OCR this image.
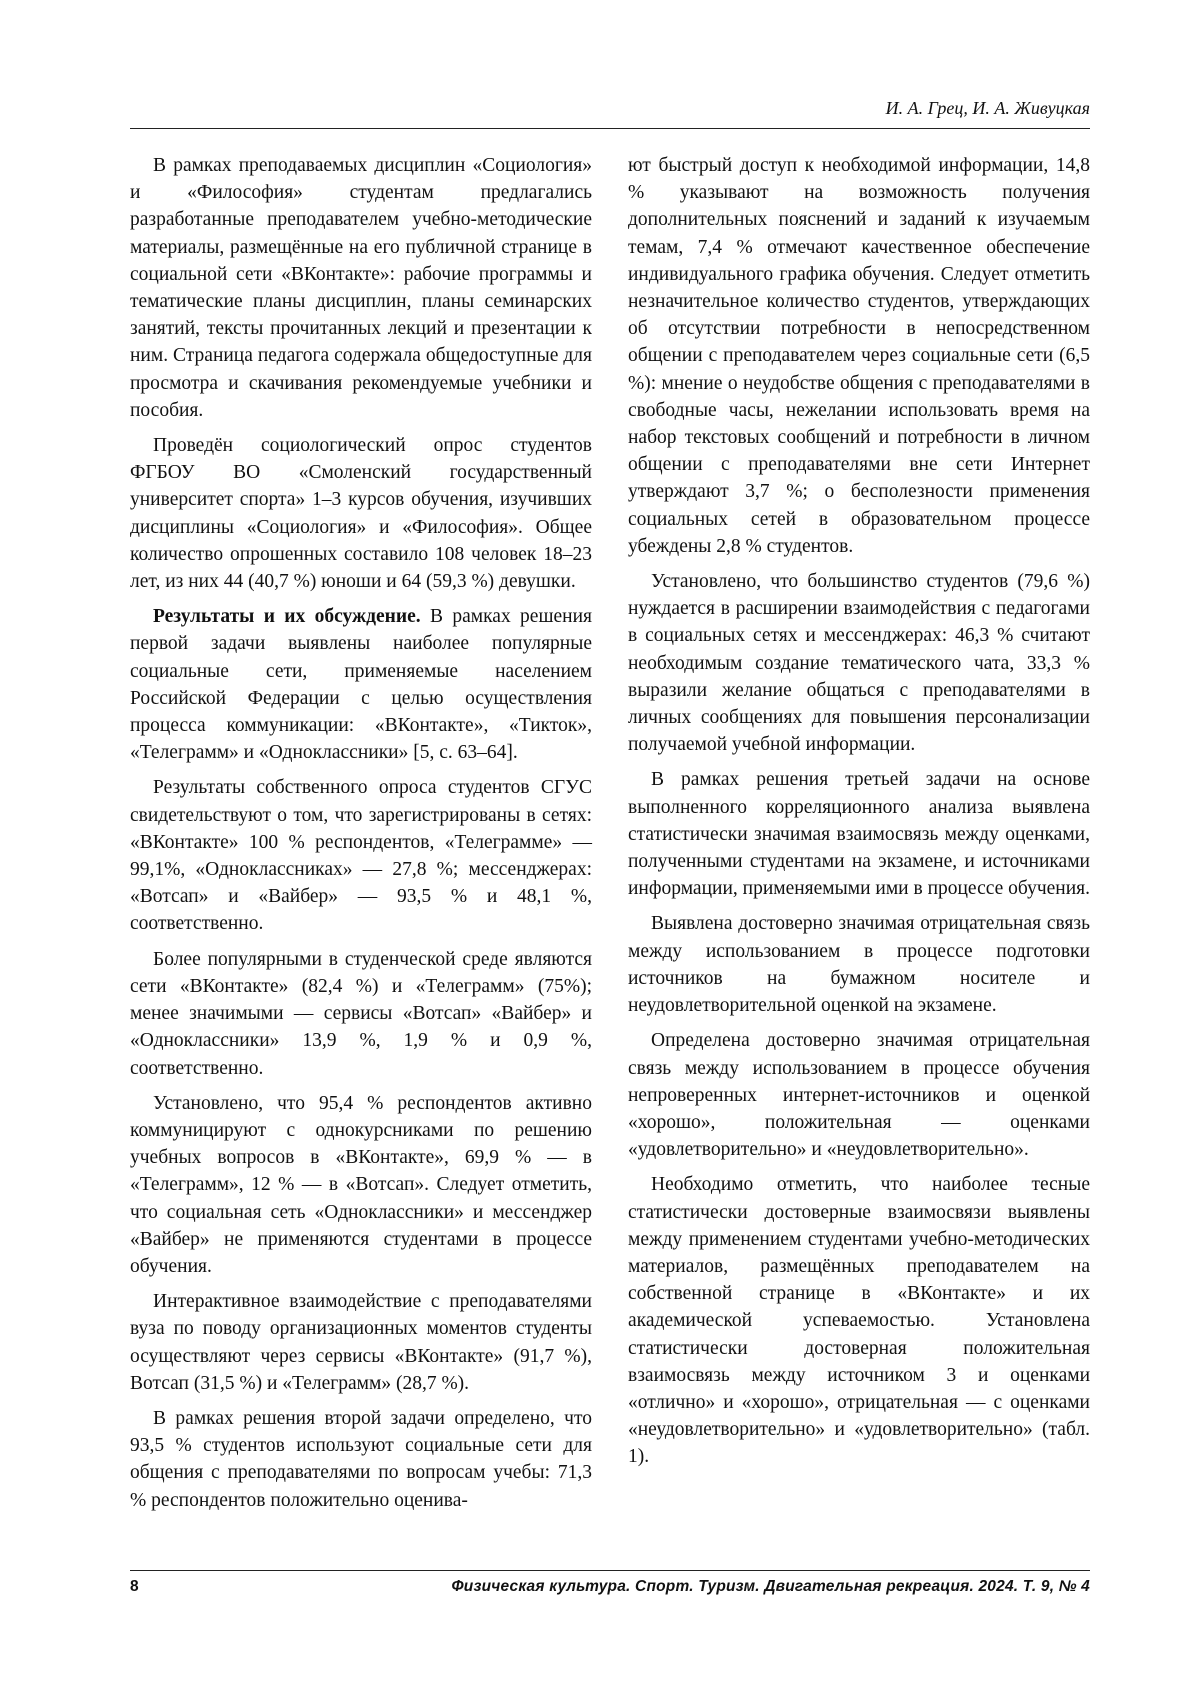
И. А. Грец, И. А. Живуцкая

В рамках преподаваемых дисциплин «Социология» и «Философия» студентам предлагались разработанные преподавателем учебно-методические материалы, размещённые на его публичной странице в социальной сети «ВКонтакте»: рабочие программы и тематические планы дисциплин, планы семинарских занятий, тексты прочитанных лекций и презентации к ним. Страница педагога содержала общедоступные для просмотра и скачивания рекомендуемые учебники и пособия.

Проведён социологический опрос студентов ФГБОУ ВО «Смоленский государственный университет спорта» 1–3 курсов обучения, изучивших дисциплины «Социология» и «Философия». Общее количество опрошенных составило 108 человек 18–23 лет, из них 44 (40,7 %) юноши и 64 (59,3 %) девушки.

Результаты и их обсуждение. В рамках решения первой задачи выявлены наиболее популярные социальные сети, применяемые населением Российской Федерации с целью осуществления процесса коммуникации: «ВКонтакте», «Тикток», «Телеграмм» и «Одноклассники» [5, с. 63–64].

Результаты собственного опроса студентов СГУС свидетельствуют о том, что зарегистрированы в сетях: «ВКонтакте» 100 % респондентов, «Телеграмме» — 99,1%, «Одноклассниках» — 27,8 %; мессенджерах: «Вотсап» и «Вайбер» — 93,5 % и 48,1 %, соответственно.

Более популярными в студенческой среде являются сети «ВКонтакте» (82,4 %) и «Телеграмм» (75%); менее значимыми — сервисы «Вотсап» «Вайбер» и «Одноклассники» 13,9 %, 1,9 % и 0,9 %, соответственно.

Установлено, что 95,4 % респондентов активно коммуницируют с однокурсниками по решению учебных вопросов в «ВКонтакте», 69,9 % — в «Телеграмм», 12 % — в «Вотсап». Следует отметить, что социальная сеть «Одноклассники» и мессенджер «Вайбер» не применяются студентами в процессе обучения.

Интерактивное взаимодействие с преподавателями вуза по поводу организационных моментов студенты осуществляют через сервисы «ВКонтакте» (91,7 %), Вотсап (31,5 %) и «Телеграмм» (28,7 %).

В рамках решения второй задачи определено, что 93,5 % студентов используют социальные сети для общения с преподавателями по вопросам учебы: 71,3 % респондентов положительно оценива-

ют быстрый доступ к необходимой информации, 14,8 % указывают на возможность получения дополнительных пояснений и заданий к изучаемым темам, 7,4 % отмечают качественное обеспечение индивидуального графика обучения. Следует отметить незначительное количество студентов, утверждающих об отсутствии потребности в непосредственном общении с преподавателем через социальные сети (6,5 %): мнение о неудобстве общения с преподавателями в свободные часы, нежелании использовать время на набор текстовых сообщений и потребности в личном общении с преподавателями вне сети Интернет утверждают 3,7 %; о бесполезности применения социальных сетей в образовательном процессе убеждены 2,8 % студентов.

Установлено, что большинство студентов (79,6 %) нуждается в расширении взаимодействия с педагогами в социальных сетях и мессенджерах: 46,3 % считают необходимым создание тематического чата, 33,3 % выразили желание общаться с преподавателями в личных сообщениях для повышения персонализации получаемой учебной информации.

В рамках решения третьей задачи на основе выполненного корреляционного анализа выявлена статистически значимая взаимосвязь между оценками, полученными студентами на экзамене, и источниками информации, применяемыми ими в процессе обучения.

Выявлена достоверно значимая отрицательная связь между использованием в процессе подготовки источников на бумажном носителе и неудовлетворительной оценкой на экзамене.

Определена достоверно значимая отрицательная связь между использованием в процессе обучения непроверенных интернет-источников и оценкой «хорошо», положительная — оценками «удовлетворительно» и «неудовлетворительно».

Необходимо отметить, что наиболее тесные статистически достоверные взаимосвязи выявлены между применением студентами учебно-методических материалов, размещённых преподавателем на собственной странице в «ВКонтакте» и их академической успеваемостью. Установлена статистически достоверная положительная взаимосвязь между источником 3 и оценками «отлично» и «хорошо», отрицательная — с оценками «неудовлетворительно» и «удовлетворительно» (табл. 1).

8	Физическая культура. Спорт. Туризм. Двигательная рекреация. 2024. Т. 9, № 4
